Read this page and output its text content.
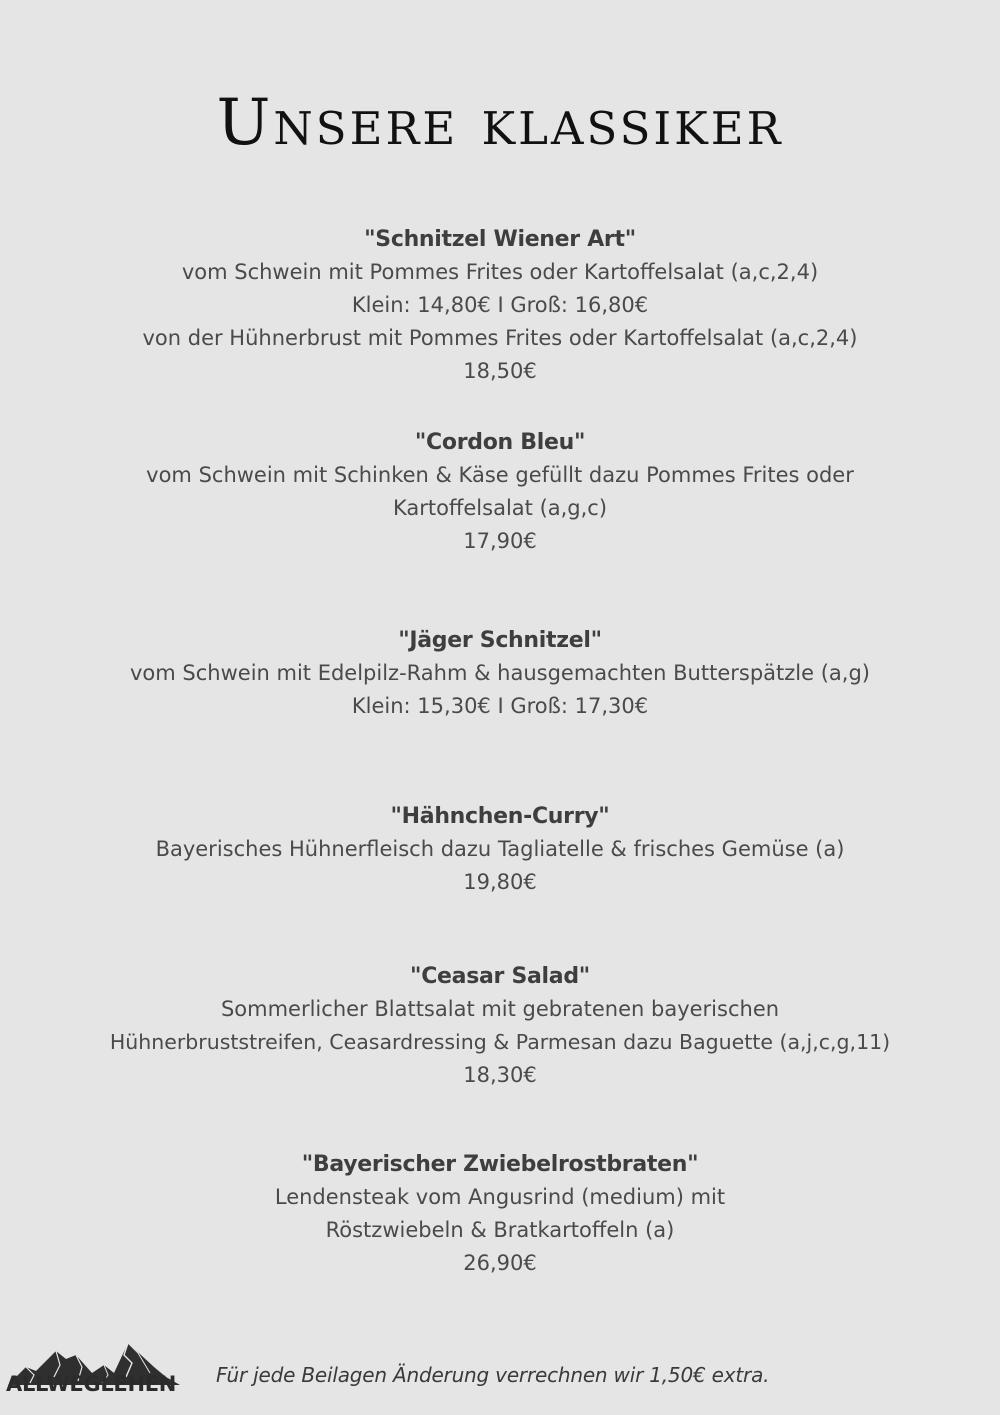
Unsere klassiker
"Schnitzel Wiener Art"
vom Schwein mit Pommes Frites oder Kartoffelsalat (a,c,2,4)
Klein: 14,80€ I Groß: 16,80€
von der Hühnerbrust mit Pommes Frites oder Kartoffelsalat (a,c,2,4)
18,50€
"Cordon Bleu"
vom Schwein mit Schinken & Käse gefüllt dazu Pommes Frites oder
Kartoffelsalat (a,g,c)
17,90€
"Jäger Schnitzel"
vom Schwein mit Edelpilz-Rahm & hausgemachten Butterspätzle (a,g)
Klein: 15,30€ I Groß: 17,30€
"Hähnchen-Curry"
Bayerisches Hühnerfleisch dazu Tagliatelle & frisches Gemüse (a)
19,80€
"Ceasar Salad"
Sommerlicher Blattsalat mit gebratenen bayerischen
Hühnerbruststreifen, Ceasardressing & Parmesan dazu Baguette (a,j,c,g,11)
18,30€
"Bayerischer Zwiebelrostbraten"
Lendensteak vom Angusrind (medium) mit
Röstzwiebeln & Bratkartoffeln (a)
26,90€
ALLWEGLEHEN Für jede Beilagen Änderung verrechnen wir 1,50€ extra.
